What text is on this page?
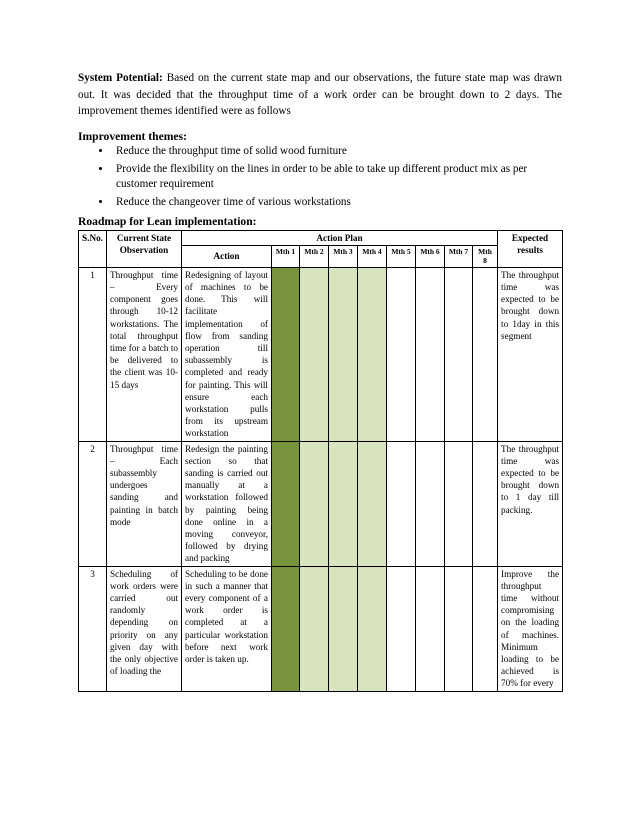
System Potential: Based on the current state map and our observations, the future state map was drawn out. It was decided that the throughput time of a work order can be brought down to 2 days. The improvement themes identified were as follows

Improvement themes:
• Reduce the throughput time of solid wood furniture
• Provide the flexibility on the lines in order to be able to take up different product mix as per customer requirement
• Reduce the changeover time of various workstations
Roadmap for Lean implementation:
S.No.	Current State Observation	Action Plan									Expected results
		Action	Mth 1	Mth 2	Mth 3	Mth 4	Mth 5	Mth 6	Mth 7	Mth 8	
1	Throughput time – Every component goes through 10-12 workstations. The total throughput time for a batch to be delivered to the client was 10-15 days	Redesigning of layout of machines to be done. This will facilitate implementation of flow from sanding operation till subassembly is completed and ready for painting. This will ensure each workstation pulls from its upstream workstation									The throughput time was expected to be brought down to 1day in this segment
2	Throughput time – Each subassembly undergoes sanding and painting in batch mode	Redesign the painting section so that sanding is carried out manually at a workstation followed by painting being done online in a moving conveyor, followed by drying and packing									The throughput time was expected to be brought down to 1 day till packing.
3	Scheduling of work orders were carried out randomly depending on priority on any given day with the only objective of loading the	Scheduling to be done in such a manner that every component of a work order is completed at a particular workstation before next work order is taken up.									Improve the throughput time without compromising on the loading of machines. Minimum loading to be achieved is 70% for every
